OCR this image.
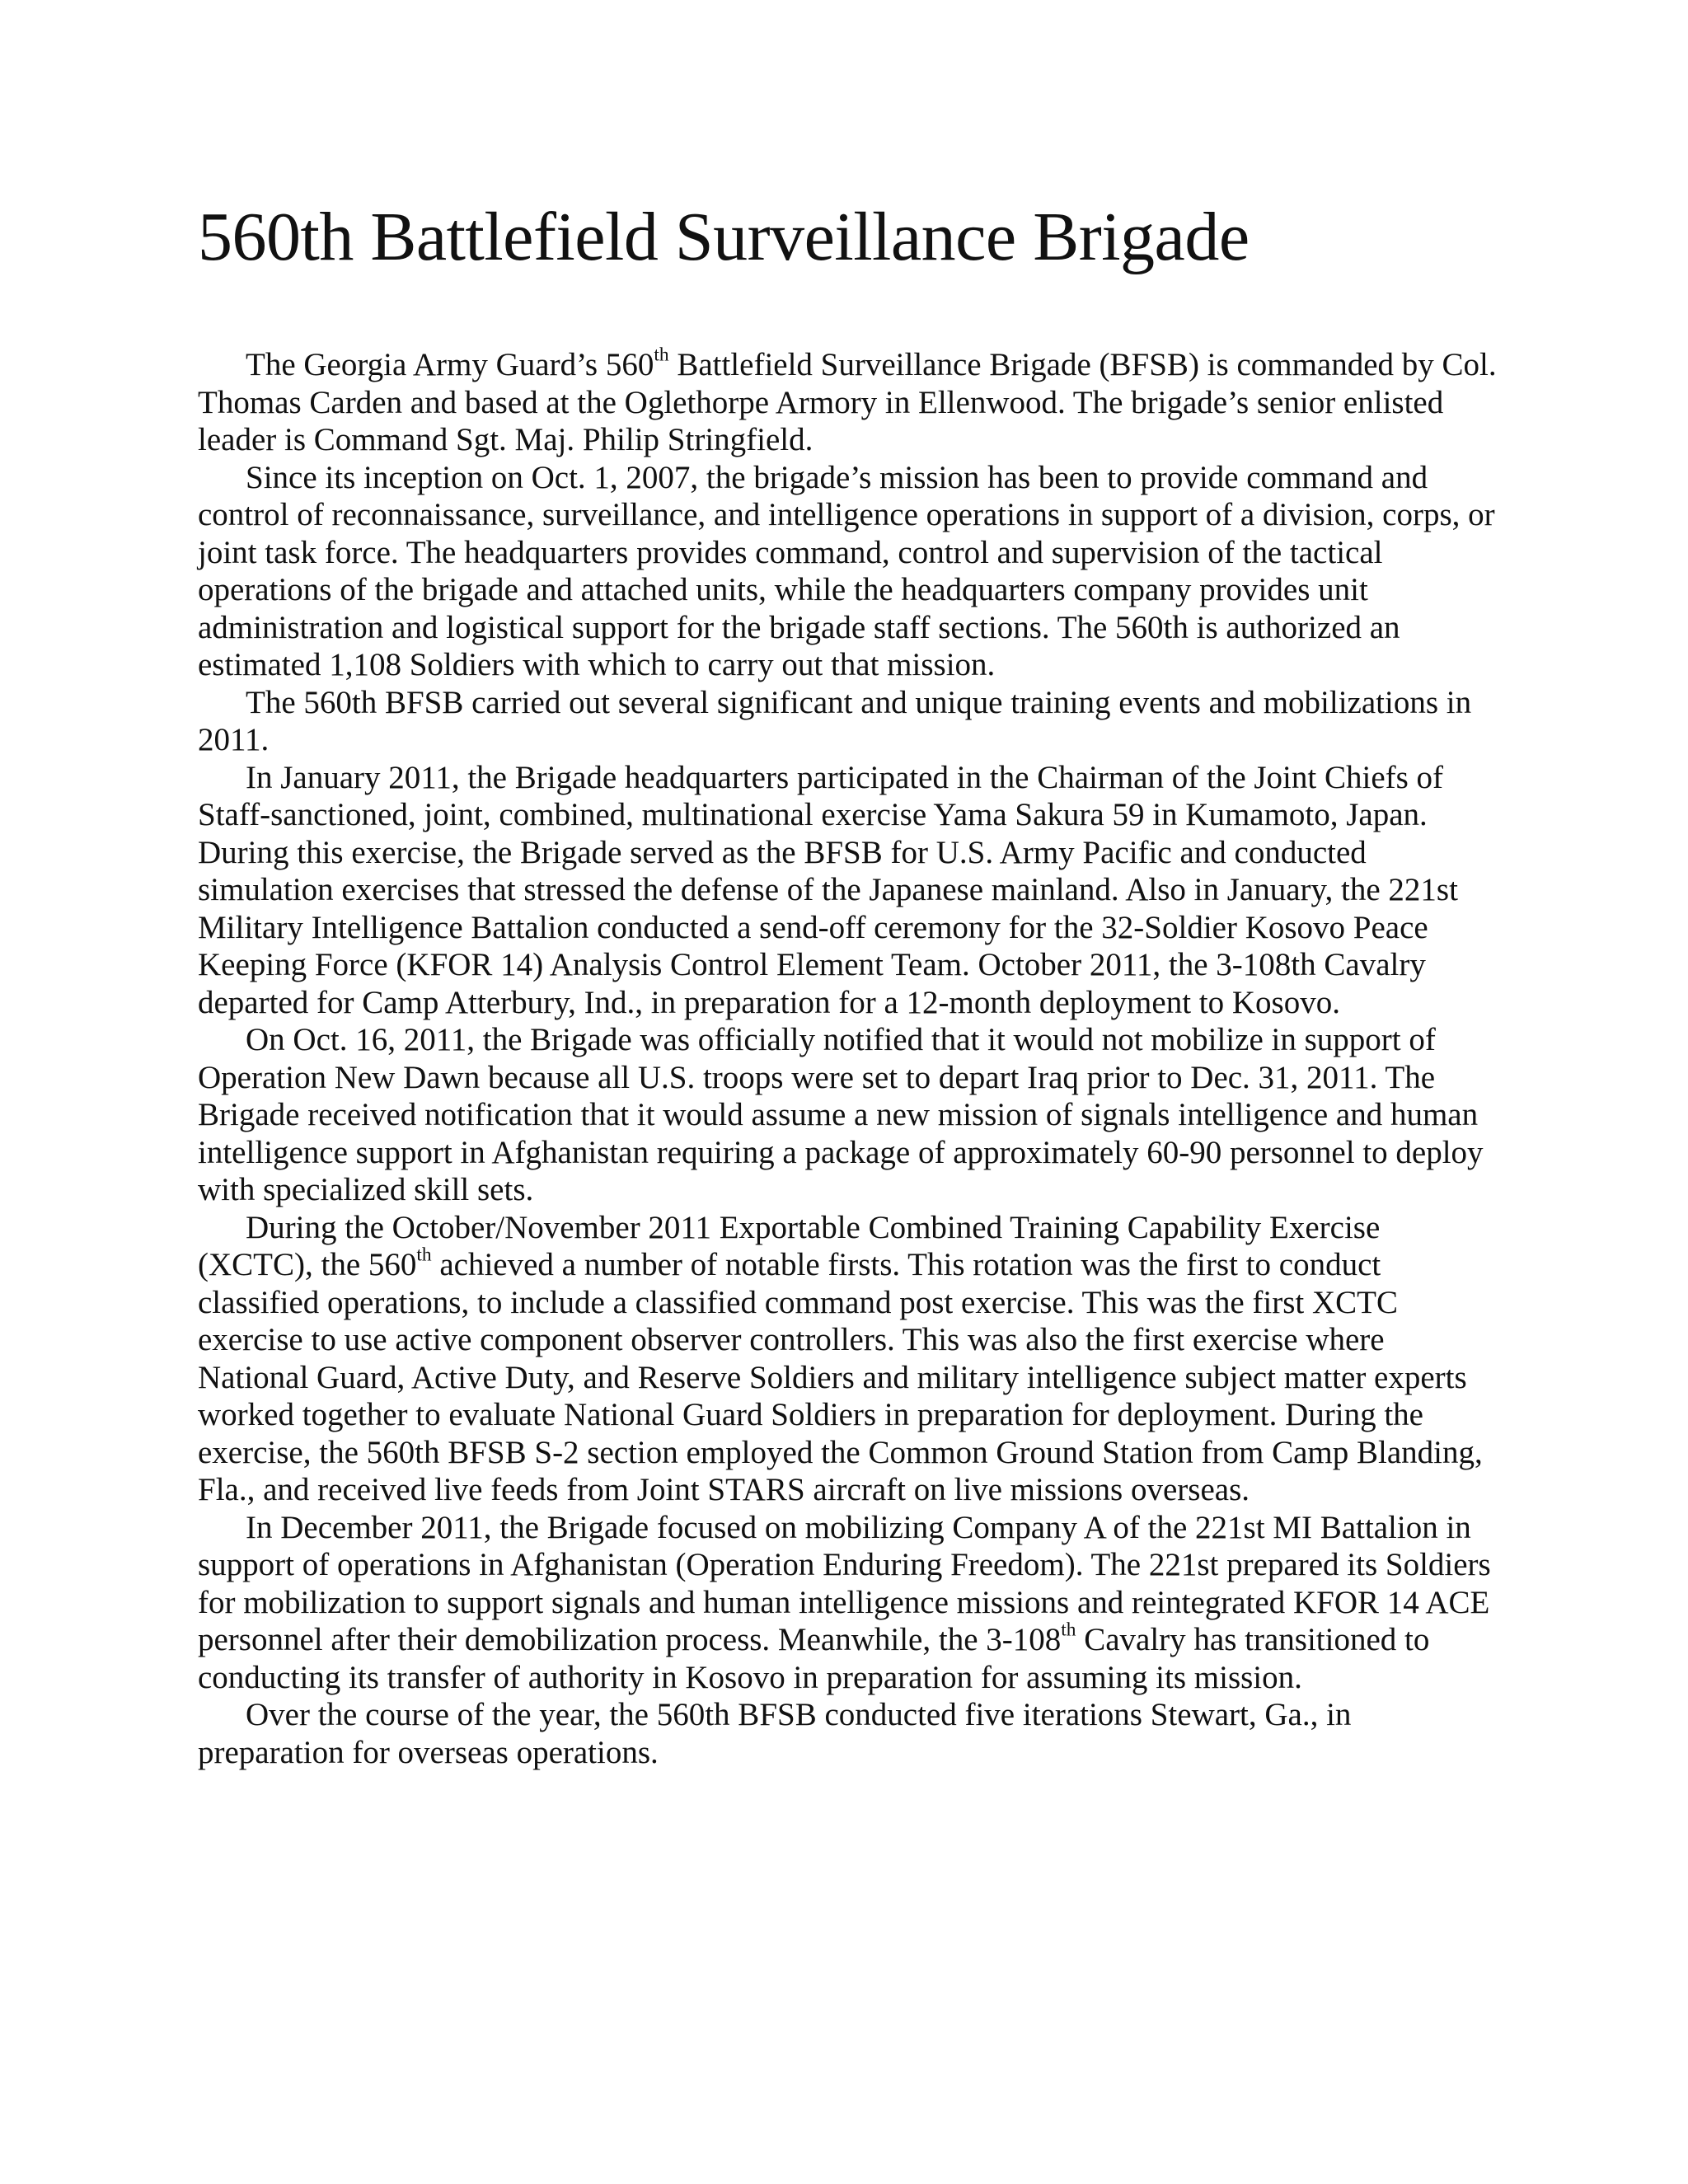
560th Battlefield Surveillance Brigade

The Georgia Army Guard’s 560th Battlefield Surveillance Brigade (BFSB) is commanded by Col. Thomas Carden and based at the Oglethorpe Armory in Ellenwood. The brigade’s senior enlisted leader is Command Sgt. Maj. Philip Stringfield.

Since its inception on Oct. 1, 2007, the brigade’s mission has been to provide command and control of reconnaissance, surveillance, and intelligence operations in support of a division, corps, or joint task force. The headquarters provides command, control and supervision of the tactical operations of the brigade and attached units, while the headquarters company provides unit administration and logistical support for the brigade staff sections. The 560th is authorized an estimated 1,108 Soldiers with which to carry out that mission.

The 560th BFSB carried out several significant and unique training events and mobilizations in 2011.

In January 2011, the Brigade headquarters participated in the Chairman of the Joint Chiefs of Staff-sanctioned, joint, combined, multinational exercise Yama Sakura 59 in Kumamoto, Japan. During this exercise, the Brigade served as the BFSB for U.S. Army Pacific and conducted simulation exercises that stressed the defense of the Japanese mainland. Also in January, the 221st Military Intelligence Battalion conducted a send-off ceremony for the 32-Soldier Kosovo Peace Keeping Force (KFOR 14) Analysis Control Element Team. October 2011, the 3-108th Cavalry departed for Camp Atterbury, Ind., in preparation for a 12-month deployment to Kosovo.

On Oct. 16, 2011, the Brigade was officially notified that it would not mobilize in support of Operation New Dawn because all U.S. troops were set to depart Iraq prior to Dec. 31, 2011. The Brigade received notification that it would assume a new mission of signals intelligence and human intelligence support in Afghanistan requiring a package of approximately 60-90 personnel to deploy with specialized skill sets.

During the October/November 2011 Exportable Combined Training Capability Exercise (XCTC), the 560th achieved a number of notable firsts. This rotation was the first to conduct classified operations, to include a classified command post exercise. This was the first XCTC exercise to use active component observer controllers. This was also the first exercise where National Guard, Active Duty, and Reserve Soldiers and military intelligence subject matter experts worked together to evaluate National Guard Soldiers in preparation for deployment. During the exercise, the 560th BFSB S-2 section employed the Common Ground Station from Camp Blanding, Fla., and received live feeds from Joint STARS aircraft on live missions overseas.

In December 2011, the Brigade focused on mobilizing Company A of the 221st MI Battalion in support of operations in Afghanistan (Operation Enduring Freedom). The 221st prepared its Soldiers for mobilization to support signals and human intelligence missions and reintegrated KFOR 14 ACE personnel after their demobilization process. Meanwhile, the 3-108th Cavalry has transitioned to conducting its transfer of authority in Kosovo in preparation for assuming its mission.

Over the course of the year, the 560th BFSB conducted five iterations Stewart, Ga., in preparation for overseas operations.
